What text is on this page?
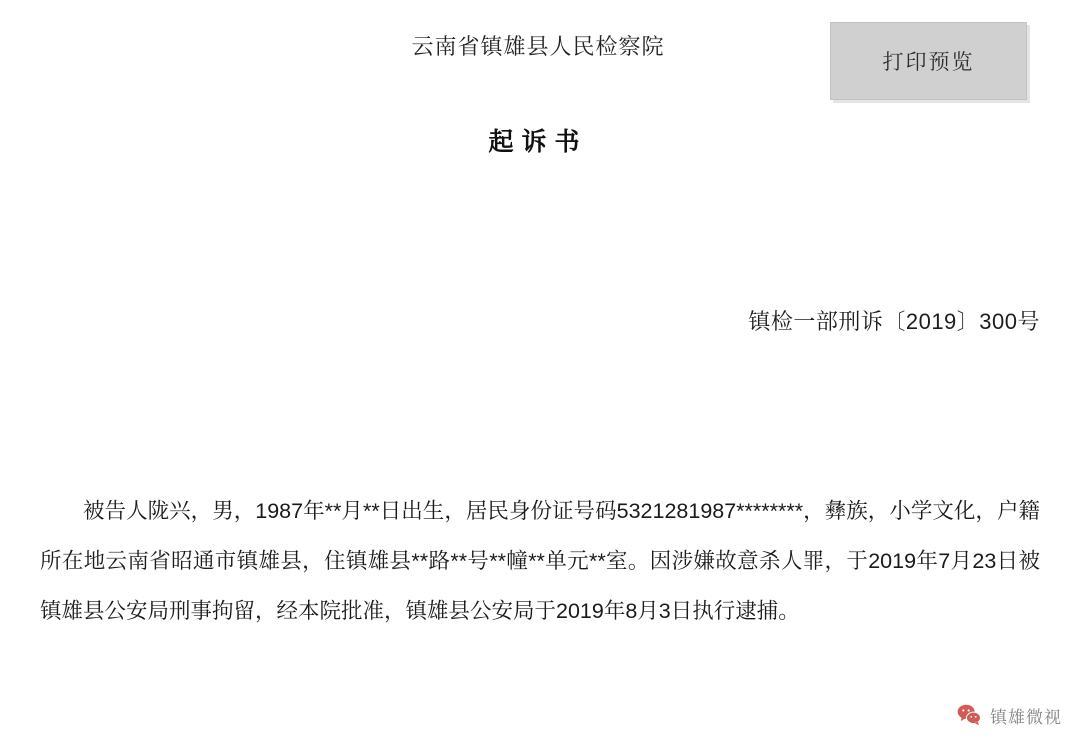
云南省镇雄县人民检察院
打印预览
起诉书
镇检一部刑诉〔2019〕300号

被告人陇兴，男，1987年**月**日出生，居民身份证号码5321281987********，彝族，小学文化，户籍所在地云南省昭通市镇雄县，住镇雄县**路**号**幢**单元**室。因涉嫌故意杀人罪，于2019年7月23日被镇雄县公安局刑事拘留，经本院批准，镇雄县公安局于2019年8月3日执行逮捕。

镇雄微视
